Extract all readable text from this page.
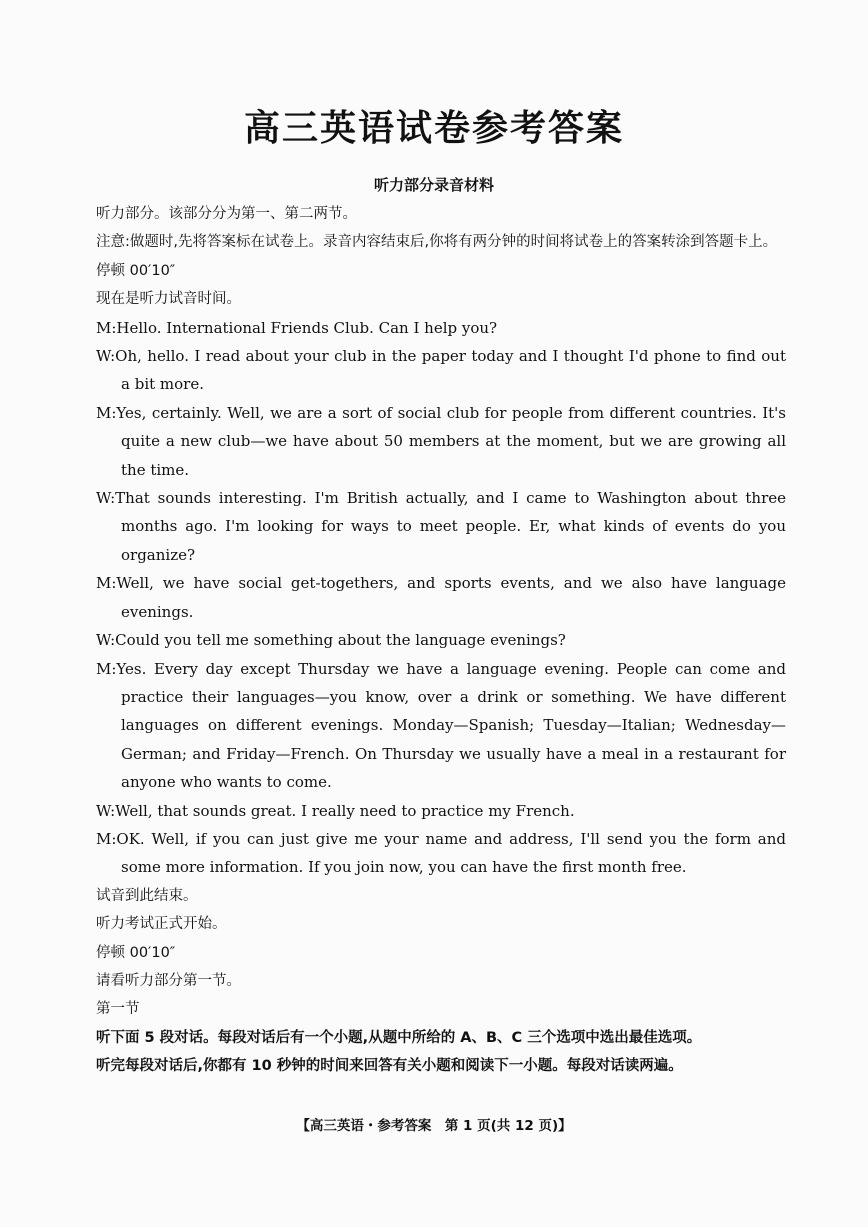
高三英语试卷参考答案
听力部分录音材料

听力部分。该部分分为第一、第二两节。

注意:做题时,先将答案标在试卷上。录音内容结束后,你将有两分钟的时间将试卷上的答案转涂到答题卡上。

停顿 00′10″

现在是听力试音时间。

M:Hello. International Friends Club. Can I help you?

W:Oh, hello. I read about your club in the paper today and I thought I'd phone to find out a bit more.

M:Yes, certainly. Well, we are a sort of social club for people from different countries. It's quite a new club—we have about 50 members at the moment, but we are growing all the time.

W:That sounds interesting. I'm British actually, and I came to Washington about three months ago. I'm looking for ways to meet people. Er, what kinds of events do you organize?

M:Well, we have social get-togethers, and sports events, and we also have language evenings.

W:Could you tell me something about the language evenings?

M:Yes. Every day except Thursday we have a language evening. People can come and practice their languages—you know, over a drink or something. We have different languages on different evenings. Monday—Spanish; Tuesday—Italian; Wednesday—German; and Friday—French. On Thursday we usually have a meal in a restaurant for anyone who wants to come.

W:Well, that sounds great. I really need to practice my French.

M:OK. Well, if you can just give me your name and address, I'll send you the form and some more information. If you join now, you can have the first month free.

试音到此结束。

听力考试正式开始。

停顿 00′10″

请看听力部分第一节。

第一节

听下面 5 段对话。每段对话后有一个小题,从题中所给的 A、B、C 三个选项中选出最佳选项。

听完每段对话后,你都有 10 秒钟的时间来回答有关小题和阅读下一小题。每段对话读两遍。

【高三英语・参考答案　第 1 页(共 12 页)】
